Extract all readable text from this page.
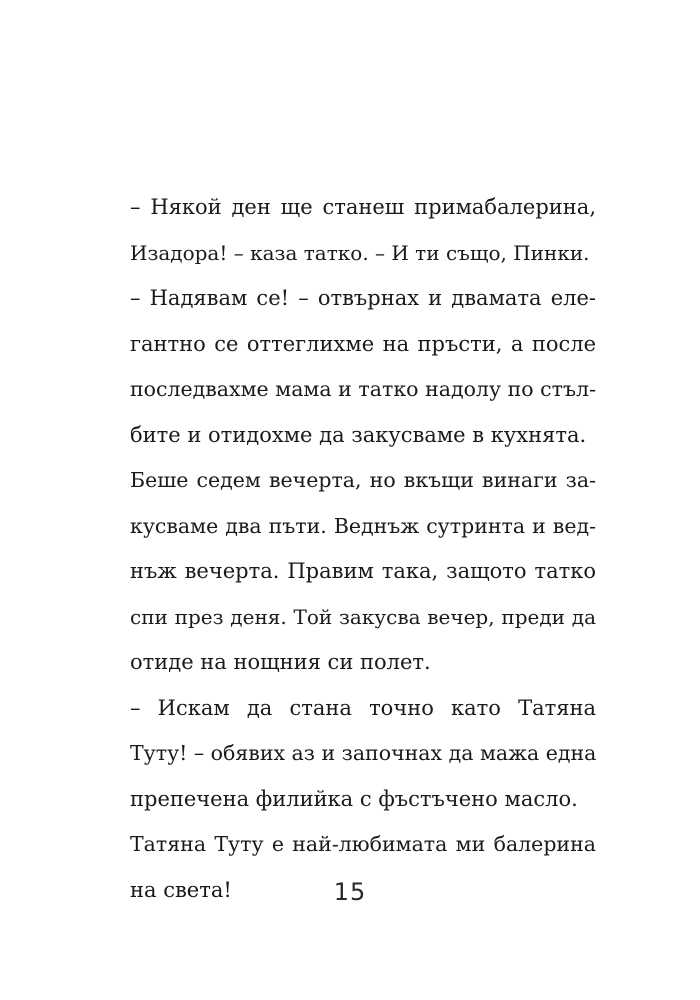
– Някой ден ще станеш примабалерина,
Изадора! – каза татко. – И ти също, Пинки.
– Надявам се! – отвърнах и двамата еле-
гантно се оттеглихме на пръсти, а после
последвахме мама и татко надолу по стъл-
бите и отидохме да закусваме в кухнята.
Беше седем вечерта, но вкъщи винаги за-
куcваме два пъти. Веднъж сутринта и вед-
нъж вечерта. Правим така, защото татко
спи през деня. Той закусва вечер, преди да
отиде на нощния си полет.
– Искам да стана точно като Татяна
Туту! – обявих аз и започнах да мажа една
препечена филийка с фъстъчено масло.
Татяна Туту е най-любимата ми балерина
на света!	15
